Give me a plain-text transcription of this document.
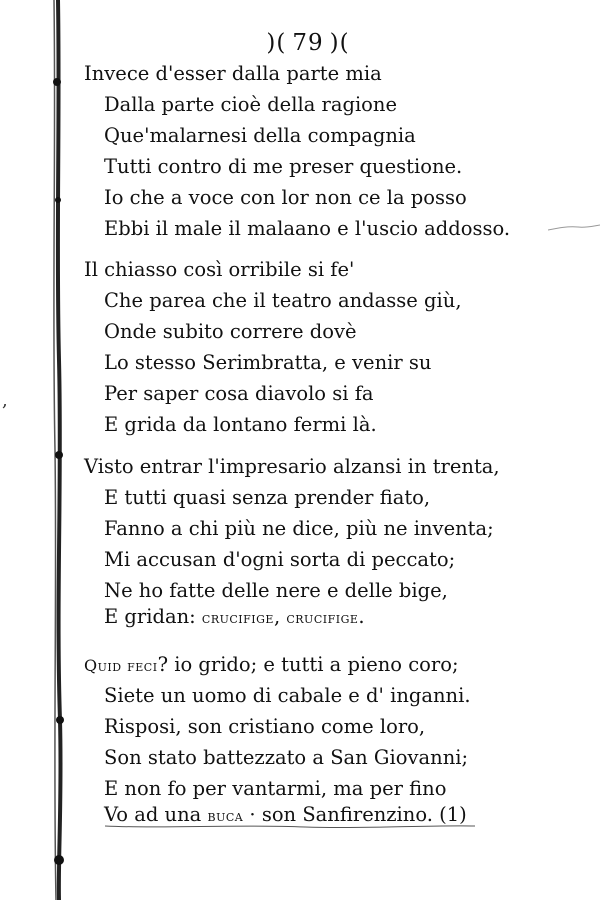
,
)( 79 )(
Invece d'esser dalla parte mia
Dalla parte cioè della ragione
Que'malarnesi della compagnia
Tutti contro di me preser questione.
Io che a voce con lor non ce la posso
Ebbi il male il malaano e l'uscio addosso.
Il chiasso così orribile si fe'
Che parea che il teatro andasse giù,
Onde subito correre dovè
Lo stesso Serimbratta, e venir su
Per saper cosa diavolo si fa
E grida da lontano fermi là.
Visto entrar l'impresario alzansi in trenta,
E tutti quasi senza prender fiato,
Fanno a chi più ne dice, più ne inventa;
Mi accusan d'ogni sorta di peccato;
Ne ho fatte delle nere e delle bige,
E gridan: crucifige, crucifige.
Quid feci? io grido; e tutti a pieno coro;
Siete un uomo di cabale e d' inganni.
Risposi, son cristiano come loro,
Son stato battezzato a San Giovanni;
E non fo per vantarmi, ma per fino
Vo ad una buca · son Sanfirenzino. (1)
